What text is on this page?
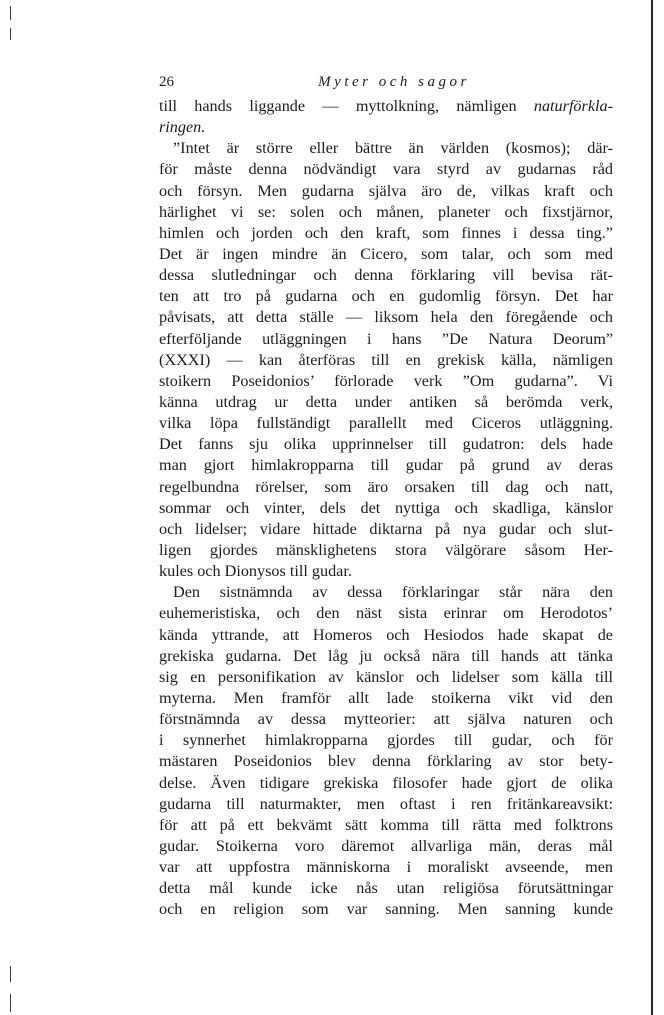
26	Myter och sagor
till hands liggande — myttolkning, nämligen naturförkla-
ringen.
”Intet är större eller bättre än världen (kosmos); där-
för måste denna nödvändigt vara styrd av gudarnas råd
och försyn. Men gudarna själva äro de, vilkas kraft och
härlighet vi se: solen och månen, planeter och fixstjärnor,
himlen och jorden och den kraft, som finnes i dessa ting.”
Det är ingen mindre än Cicero, som talar, och som med
dessa slutledningar och denna förklaring vill bevisa rät-
ten att tro på gudarna och en gudomlig försyn. Det har
påvisats, att detta ställe — liksom hela den föregående och
efterföljande utläggningen i hans ”De Natura Deorum”
(XXXI) — kan återföras till en grekisk källa, nämligen
stoikern Poseidonios’ förlorade verk ”Om gudarna”. Vi
känna utdrag ur detta under antiken så berömda verk,
vilka löpa fullständigt parallellt med Ciceros utläggning.
Det fanns sju olika upprinnelser till gudatron: dels hade
man gjort himlakropparna till gudar på grund av deras
regelbundna rörelser, som äro orsaken till dag och natt,
sommar och vinter, dels det nyttiga och skadliga, känslor
och lidelser; vidare hittade diktarna på nya gudar och slut-
ligen gjordes mänsklighetens stora välgörare såsom Her-
kules och Dionysos till gudar.
Den sistnämnda av dessa förklaringar står nära den
euhemeristiska, och den näst sista erinrar om Herodotos’
kända yttrande, att Homeros och Hesiodos hade skapat de
grekiska gudarna. Det låg ju också nära till hands att tänka
sig en personifikation av känslor och lidelser som källa till
myterna. Men framför allt lade stoikerna vikt vid den
förstnämnda av dessa mytteorier: att själva naturen och
i synnerhet himlakropparna gjordes till gudar, och för
mästaren Poseidonios blev denna förklaring av stor bety-
delse. Även tidigare grekiska filosofer hade gjort de olika
gudarna till naturmakter, men oftast i ren fritänkareavsikt:
för att på ett bekvämt sätt komma till rätta med folktrons
gudar. Stoikerna voro däremot allvarliga män, deras mål
var att uppfostra människorna i moraliskt avseende, men
detta mål kunde icke nås utan religiösa förutsättningar
och en religion som var sanning. Men sanning kunde
